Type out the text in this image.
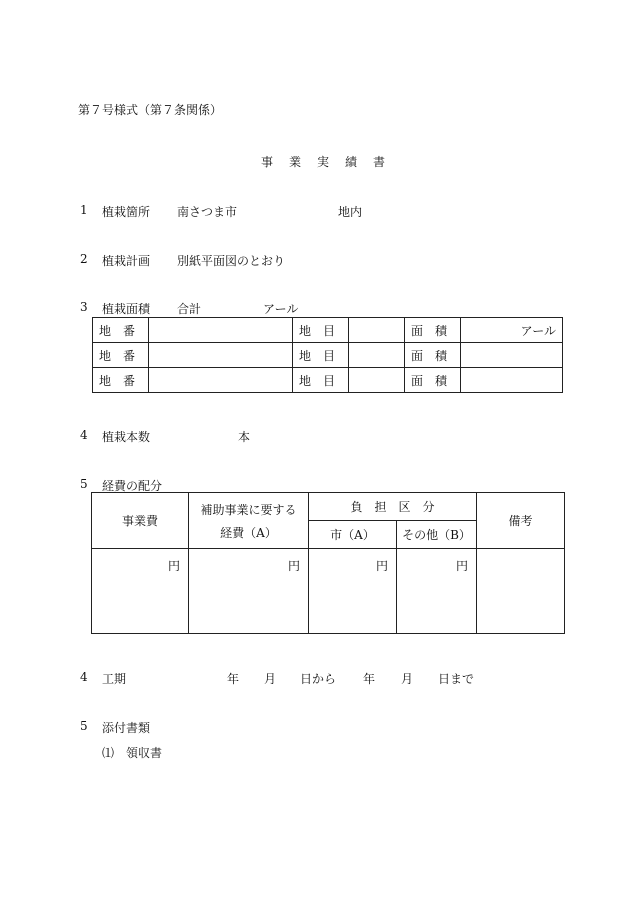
第７号様式（第７条関係）
事　業　実　績　書
1 植栽箇所 南さつま市	地内
2 植栽計画 別紙平面図のとおり
3 植栽面積 合計	アール
地　番		地　目		面　積	アール
地　番		地　目		面　積	
地　番		地　目		面　積	
4 植栽本数	本
5 経費の配分
事業費	補助事業に要する	負　担　区　分		備考
	経費（A）	市（A）	その他（B）	
円	円	円	円	
4 工期	年 月 日から 年 月 日まで
5 添付書類
⑴ 領収書
